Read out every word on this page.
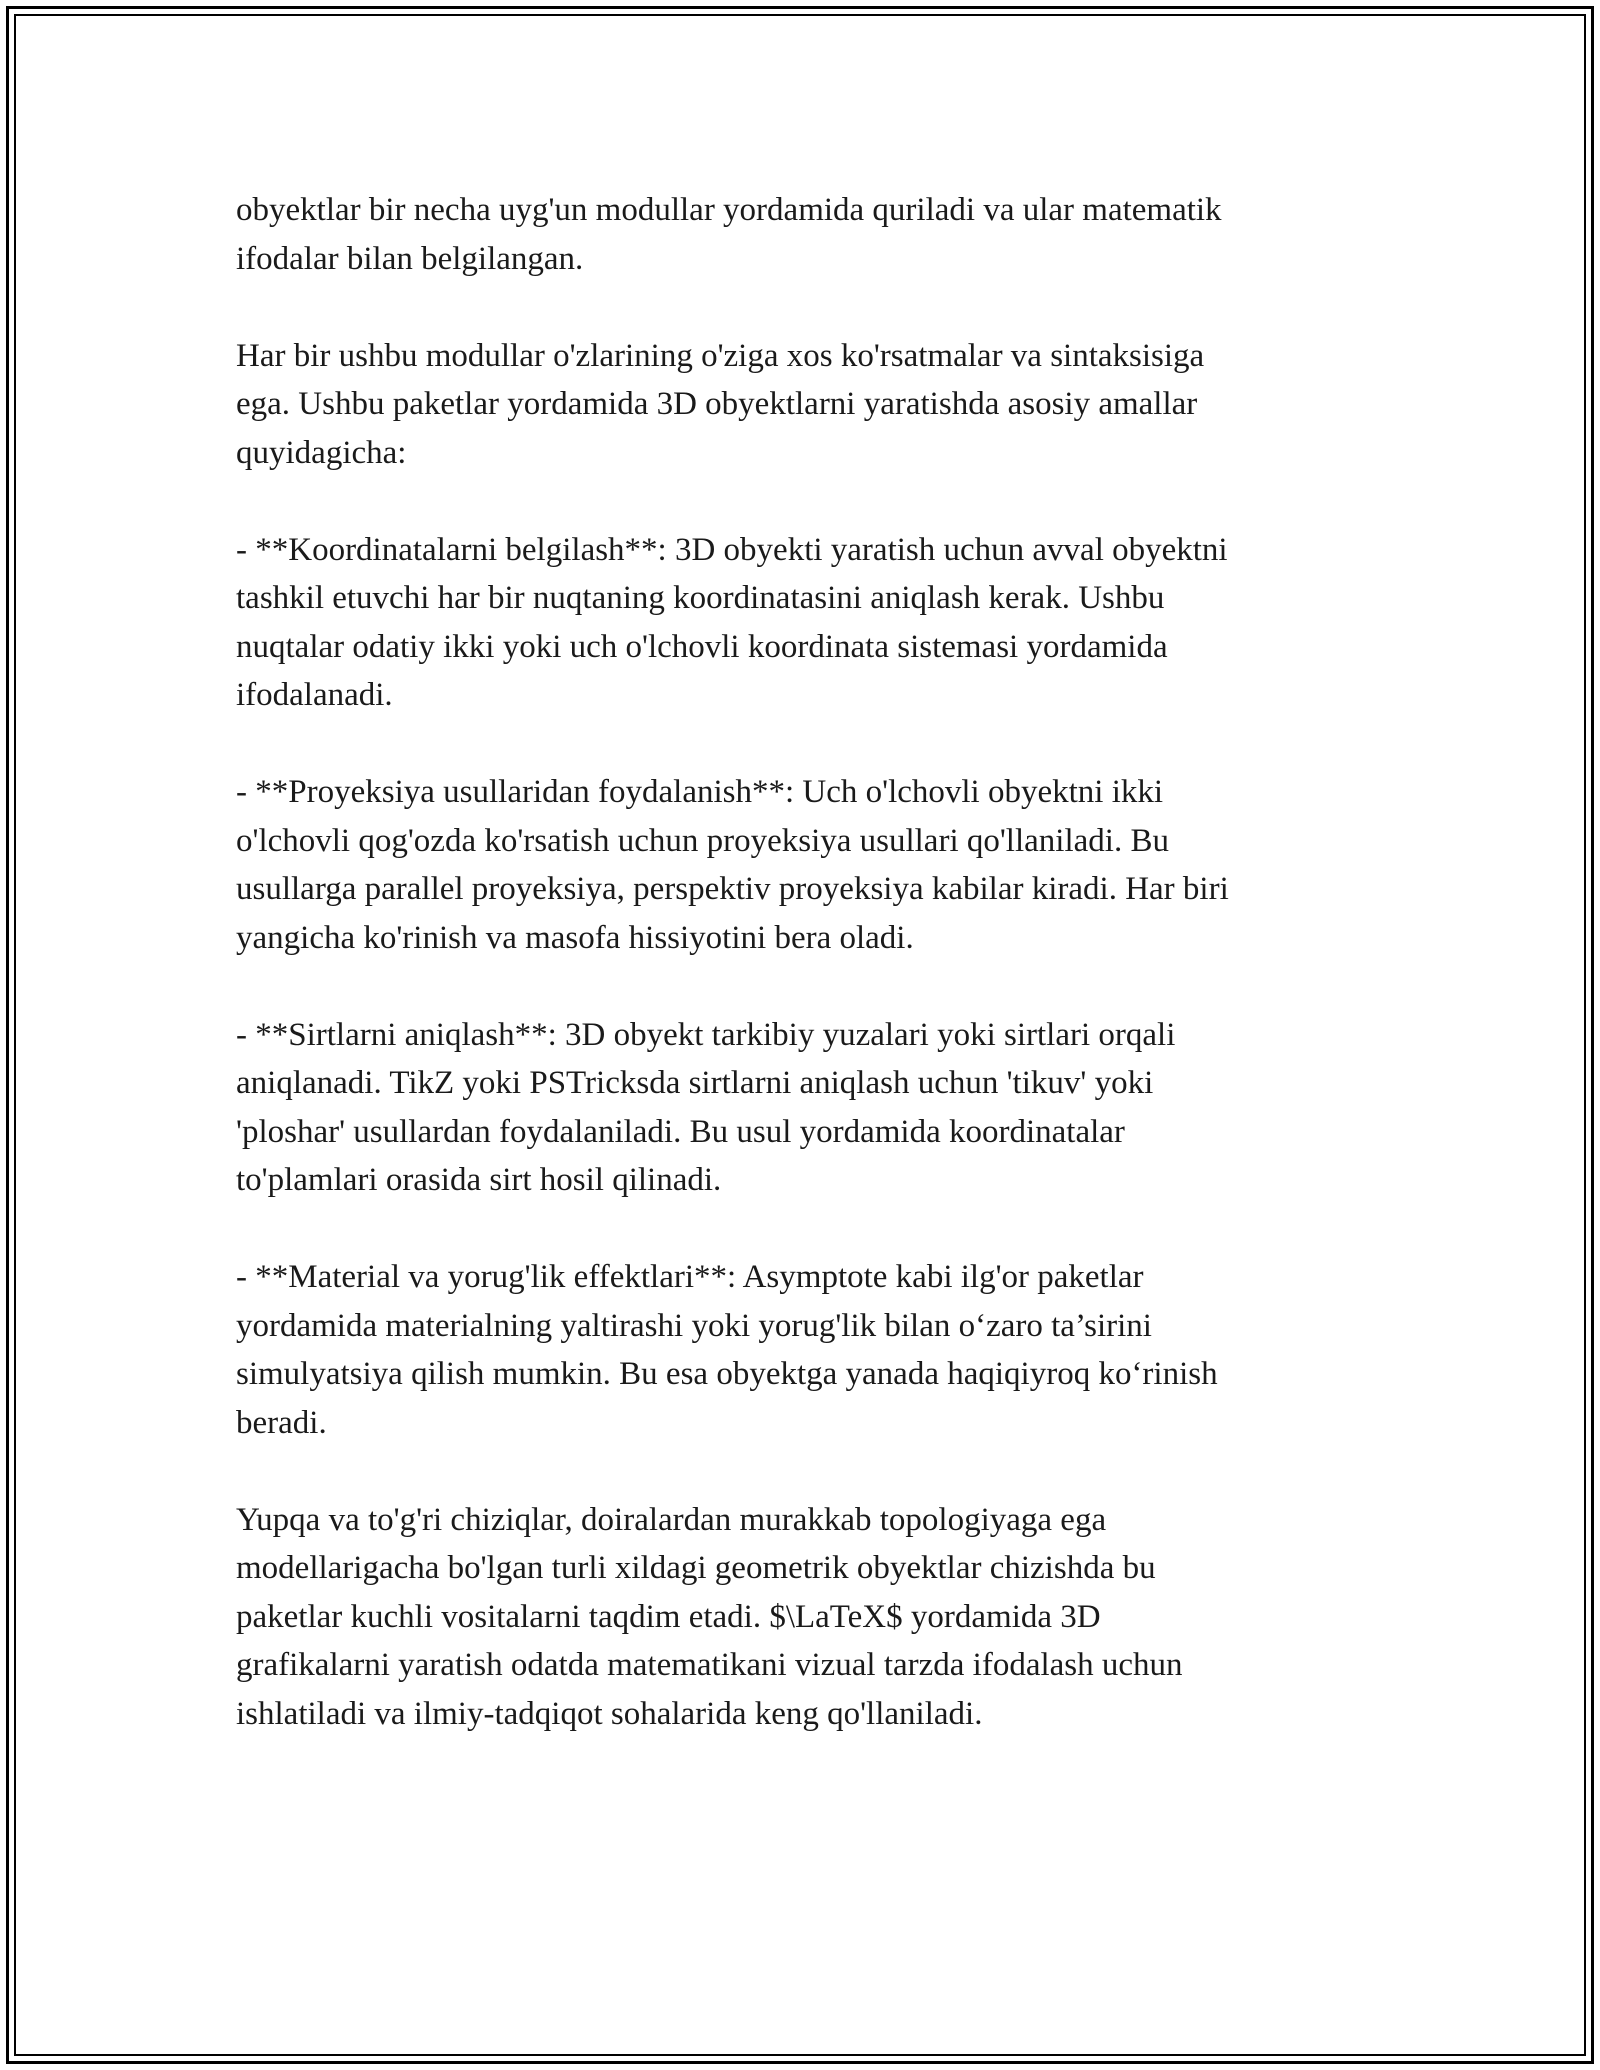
obyektlar bir necha uyg'un modullar yordamida quriladi va ular matematik
ifodalar bilan belgilangan.

Har bir ushbu modullar o'zlarining o'ziga xos ko'rsatmalar va sintaksisiga
ega. Ushbu paketlar yordamida 3D obyektlarni yaratishda asosiy amallar
quyidagicha:

- **Koordinatalarni belgilash**: 3D obyekti yaratish uchun avval obyektni
tashkil etuvchi har bir nuqtaning koordinatasini aniqlash kerak. Ushbu
nuqtalar odatiy ikki yoki uch o'lchovli koordinata sistemasi yordamida
ifodalanadi.

- **Proyeksiya usullaridan foydalanish**: Uch o'lchovli obyektni ikki
o'lchovli qog'ozda ko'rsatish uchun proyeksiya usullari qo'llaniladi. Bu
usullarga parallel proyeksiya, perspektiv proyeksiya kabilar kiradi. Har biri
yangicha ko'rinish va masofa hissiyotini bera oladi.

- **Sirtlarni aniqlash**: 3D obyekt tarkibiy yuzalari yoki sirtlari orqali
aniqlanadi. TikZ yoki PSTricksda sirtlarni aniqlash uchun 'tikuv' yoki
'ploshar' usullardan foydalaniladi. Bu usul yordamida koordinatalar
to'plamlari orasida sirt hosil qilinadi.

- **Material va yorug'lik effektlari**: Asymptote kabi ilg'or paketlar
yordamida materialning yaltirashi yoki yorug'lik bilan o‘zaro ta’sirini
simulyatsiya qilish mumkin. Bu esa obyektga yanada haqiqiyroq ko‘rinish
beradi.

Yupqa va to'g'ri chiziqlar, doiralardan murakkab topologiyaga ega
modellarigacha bo'lgan turli xildagi geometrik obyektlar chizishda bu
paketlar kuchli vositalarni taqdim etadi. $\LaTeX$ yordamida 3D
grafikalarni yaratish odatda matematikani vizual tarzda ifodalash uchun
ishlatiladi va ilmiy-tadqiqot sohalarida keng qo'llaniladi.
